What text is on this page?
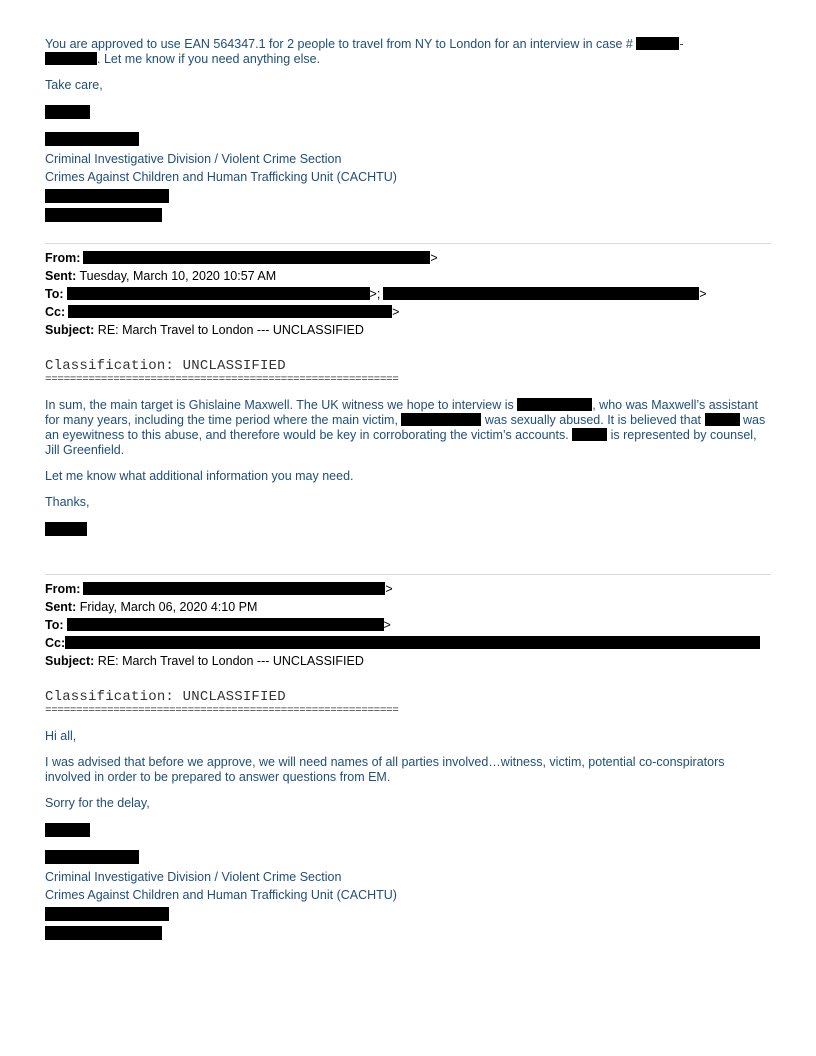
You are approved to use EAN 564347.1 for 2 people to travel from NY to London for an interview in case #	-
. Let me know if you need anything else.

Take care,

Criminal Investigative Division / Violent Crime Section

Crimes Against Children and Human Trafficking Unit (CACHTU)

From:	>
Sent: Tuesday, March 10, 2020 10:57 AM
To:	>;	>
Cc:	>
Subject: RE: March Travel to London --- UNCLASSIFIED
Classification: UNCLASSIFIED
=========================================================

In sum, the main target is Ghislaine Maxwell. The UK witness we hope to interview is	, who was Maxwell’s assistant for many years, including the time period where the main victim,	was sexually abused. It is believed that	was an eyewitness to this abuse, and therefore would be key in corroborating the victim’s accounts.	is represented by counsel, Jill Greenfield.

Let me know what additional information you may need.

Thanks,

From:	>
Sent: Friday, March 06, 2020 4:10 PM
To:	>
Cc:
Subject: RE: March Travel to London --- UNCLASSIFIED
Classification: UNCLASSIFIED
=========================================================

Hi all,

I was advised that before we approve, we will need names of all parties involved…witness, victim, potential co-conspirators involved in order to be prepared to answer questions from EM.

Sorry for the delay,

Criminal Investigative Division / Violent Crime Section

Crimes Against Children and Human Trafficking Unit (CACHTU)
